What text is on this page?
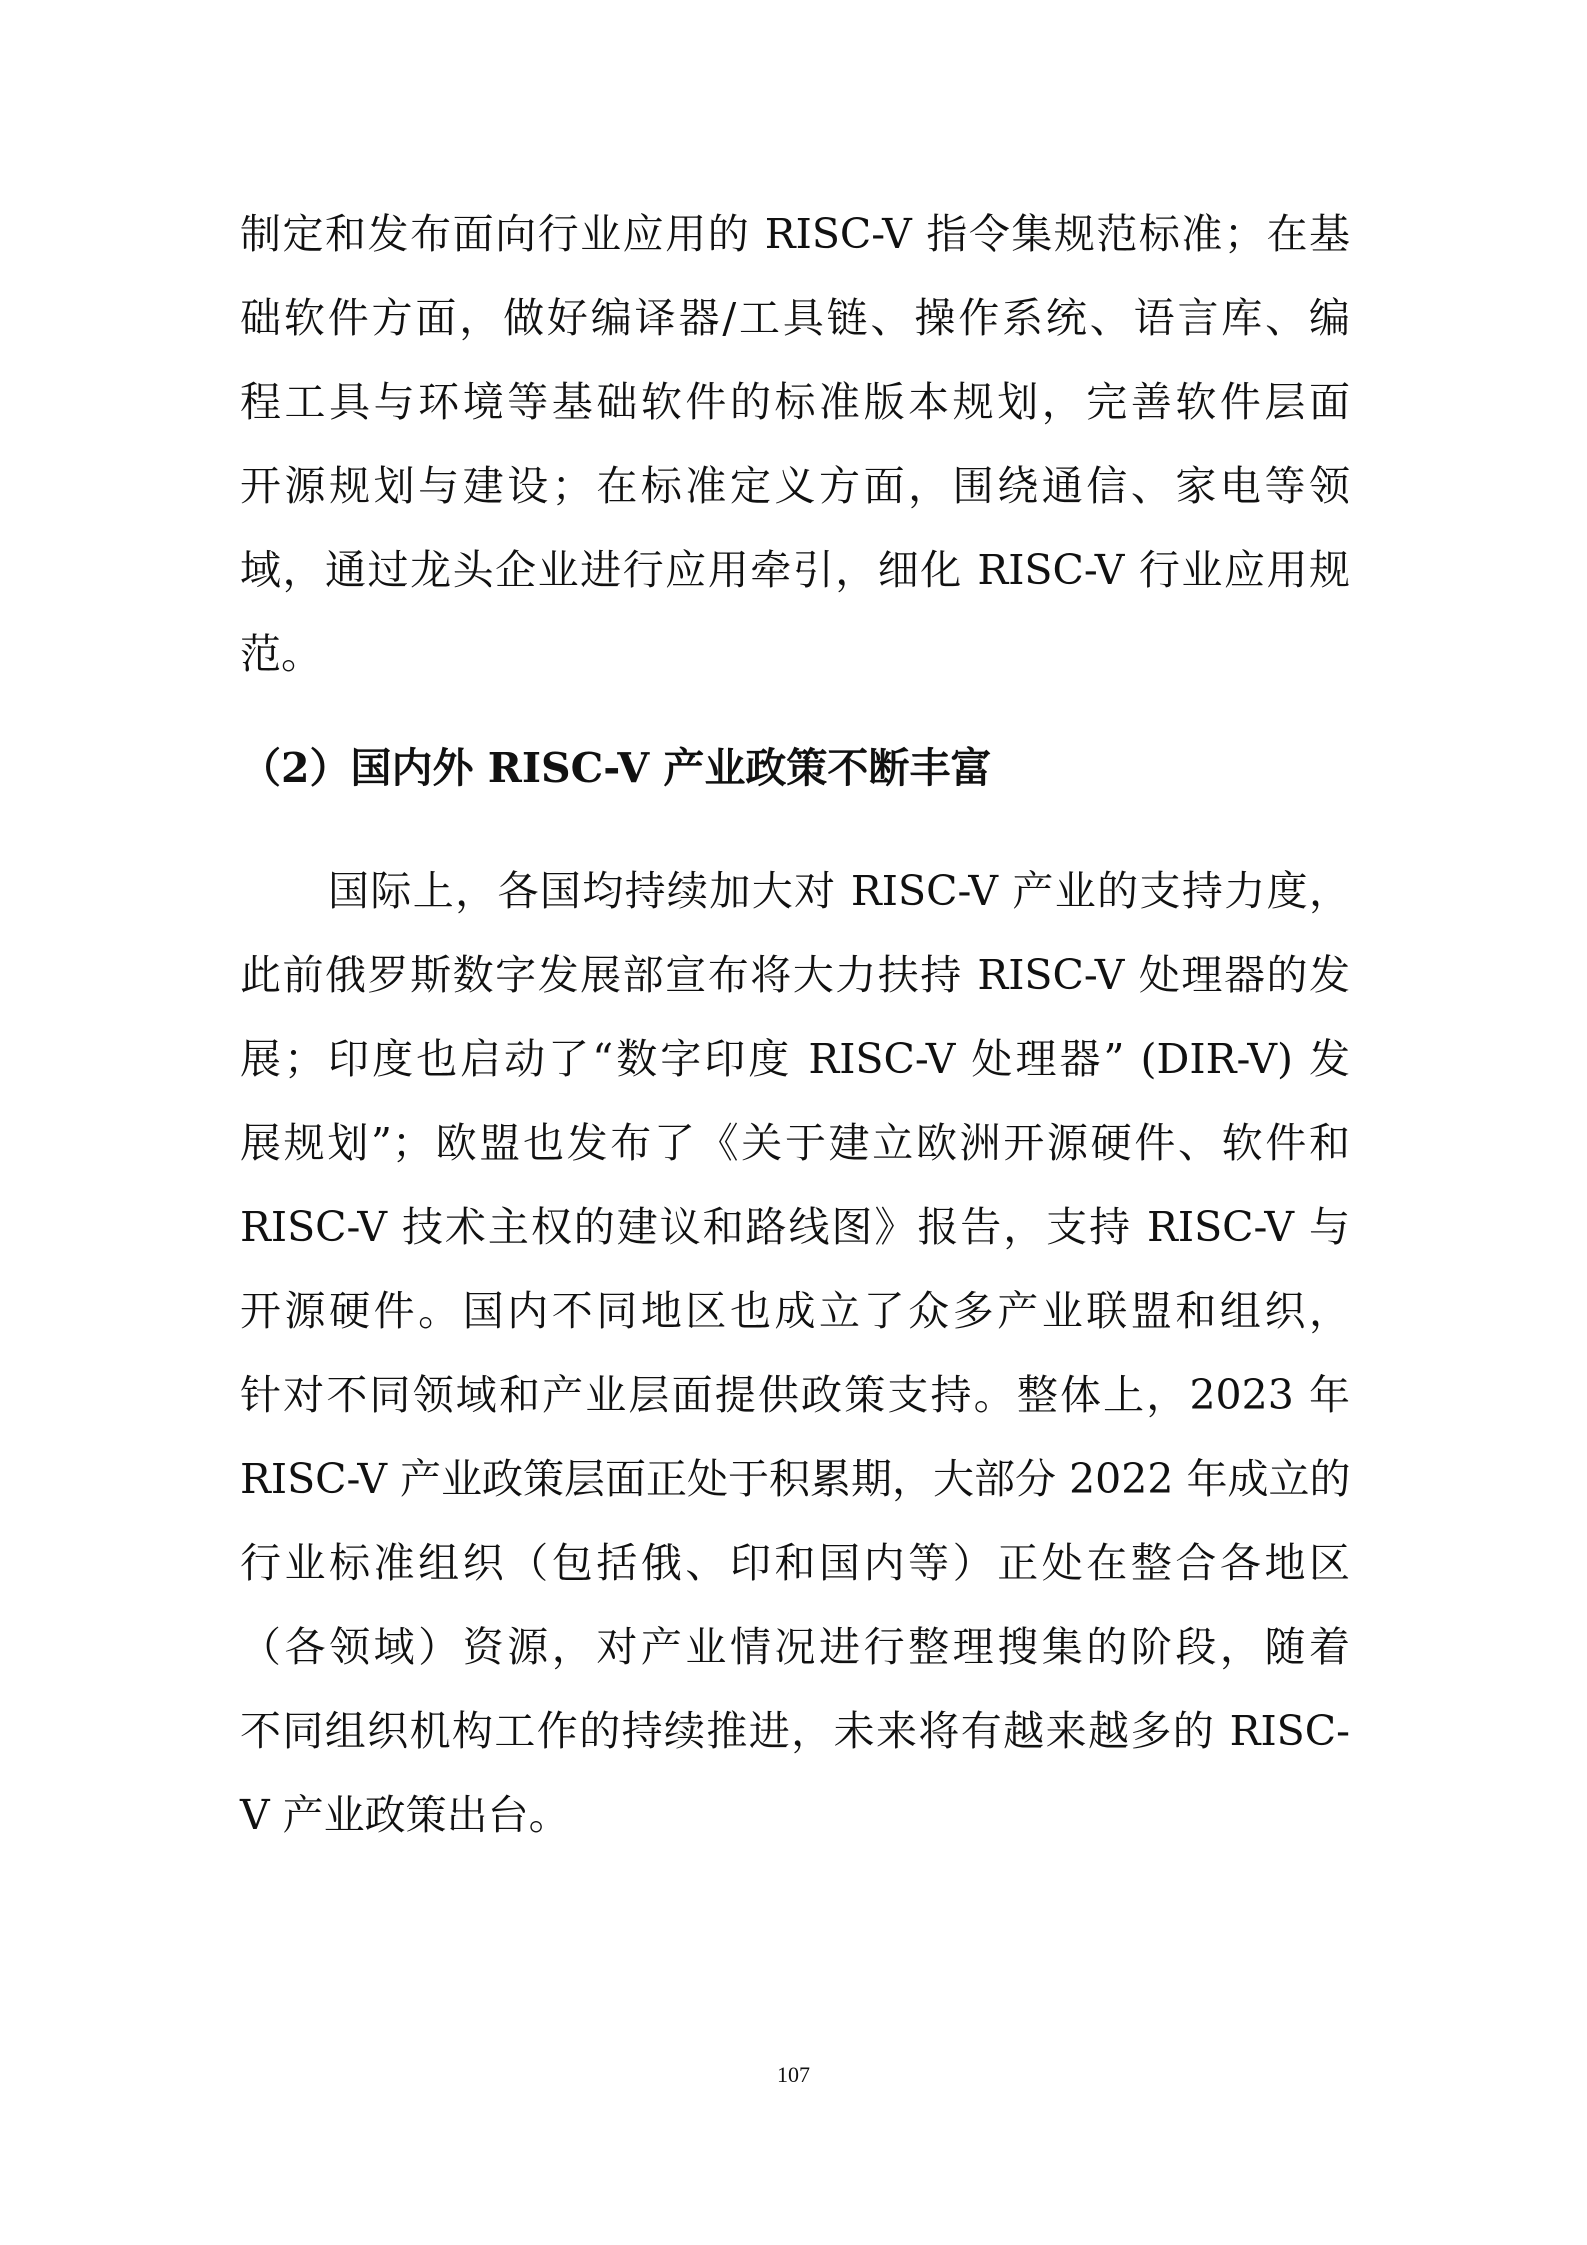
制定和发布面向行业应用的 RISC-V 指令集规范标准；在基
础软件方面，做好编译器/工具链、操作系统、语言库、编
程工具与环境等基础软件的标准版本规划，完善软件层面
开源规划与建设；在标准定义方面，围绕通信、家电等领
域，通过龙头企业进行应用牵引，细化 RISC-V 行业应用规
范。
（2）国内外 RISC-V 产业政策不断丰富
国际上，各国均持续加大对 RISC-V 产业的支持力度，
此前俄罗斯数字发展部宣布将大力扶持 RISC-V 处理器的发
展；印度也启动了“数字印度 RISC-V 处理器” (DIR-V) 发
展规划”；欧盟也发布了《关于建立欧洲开源硬件、软件和
RISC-V 技术主权的建议和路线图》报告，支持 RISC-V 与
开源硬件。国内不同地区也成立了众多产业联盟和组织，
针对不同领域和产业层面提供政策支持。整体上，2023 年
RISC-V 产业政策层面正处于积累期，大部分 2022 年成立的
行业标准组织（包括俄、印和国内等）正处在整合各地区
（各领域）资源，对产业情况进行整理搜集的阶段，随着
不同组织机构工作的持续推进，未来将有越来越多的 RISC-
V 产业政策出台。
107
